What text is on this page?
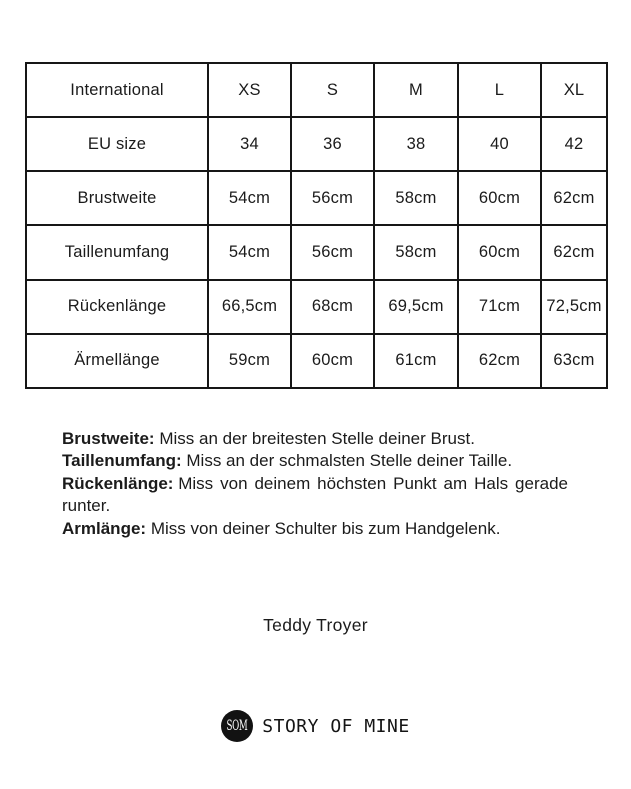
International	XS	S	M	L	XL
EU size	34	36	38	40	42
Brustweite	54cm	56cm	58cm	60cm	62cm
Taillenumfang	54cm	56cm	58cm	60cm	62cm
Rückenlänge	66,5cm	68cm	69,5cm	71cm	72,5cm
Ärmellänge	59cm	60cm	61cm	62cm	63cm

Brustweite: Miss an der breitesten Stelle deiner Brust.

Taillenumfang: Miss an der schmalsten Stelle deiner Taille.

Rückenlänge: Miss von deinem höchsten Punkt am Hals gerade runter.

Armlänge: Miss von deiner Schulter bis zum Handgelenk.

Teddy Troyer
SOM STORY OF MINE
